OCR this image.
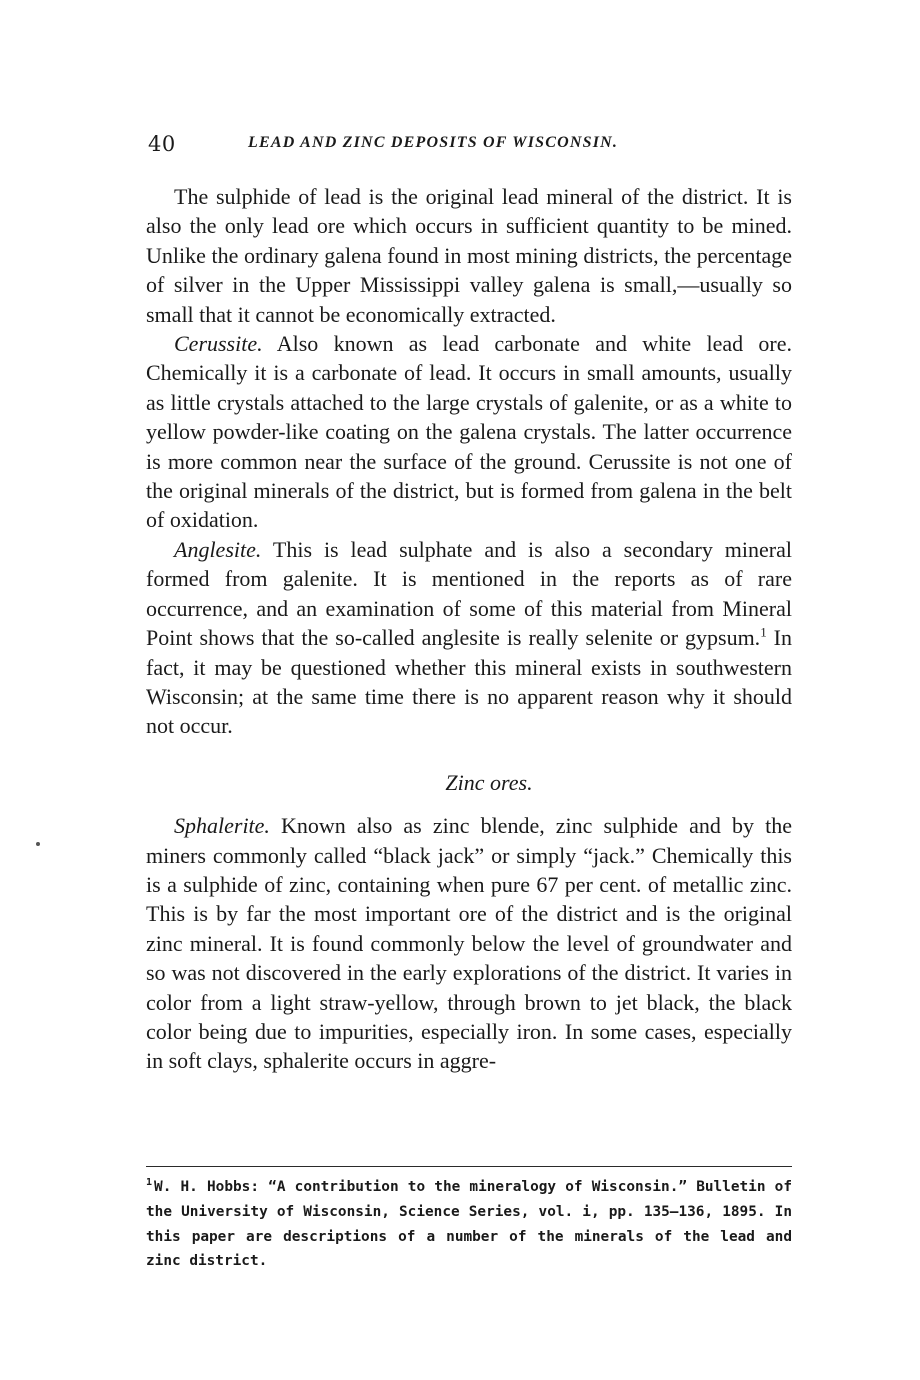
40	LEAD AND ZINC DEPOSITS OF WISCONSIN.

The sulphide of lead is the original lead mineral of the district. It is also the only lead ore which occurs in sufficient quantity to be mined. Unlike the ordinary galena found in most mining districts, the percentage of silver in the Upper Mississippi valley galena is small,—usually so small that it cannot be economically extracted.

Cerussite. Also known as lead carbonate and white lead ore. Chemically it is a carbonate of lead. It occurs in small amounts, usually as little crystals attached to the large crystals of galenite, or as a white to yellow powder-like coating on the galena crystals. The latter occurrence is more common near the surface of the ground. Cerussite is not one of the original minerals of the district, but is formed from galena in the belt of oxidation.

Anglesite. This is lead sulphate and is also a secondary mineral formed from galenite. It is mentioned in the reports as of rare occurrence, and an examination of some of this material from Mineral Point shows that the so-called anglesite is really selenite or gypsum.$^1$ In fact, it may be questioned whether this mineral exists in southwestern Wisconsin; at the same time there is no apparent reason why it should not occur.

Zinc ores.

Sphalerite. Known also as zinc blende, zinc sulphide and by the miners commonly called “black jack” or simply “jack.” Chemically this is a sulphide of zinc, containing when pure 67 per cent. of metallic zinc. This is by far the most important ore of the district and is the original zinc mineral. It is found commonly below the level of groundwater and so was not discovered in the early explorations of the district. It varies in color from a light straw-yellow, through brown to jet black, the black color being due to impurities, especially iron. In some cases, especially in soft clays, sphalerite occurs in aggre-

$^1$ W. H. Hobbs: “A contribution to the mineralogy of Wisconsin.” Bulletin of the University of Wisconsin, Science Series, vol. i, pp. 135–136, 1895. In this paper are descriptions of a number of the minerals of the lead and zinc district.
